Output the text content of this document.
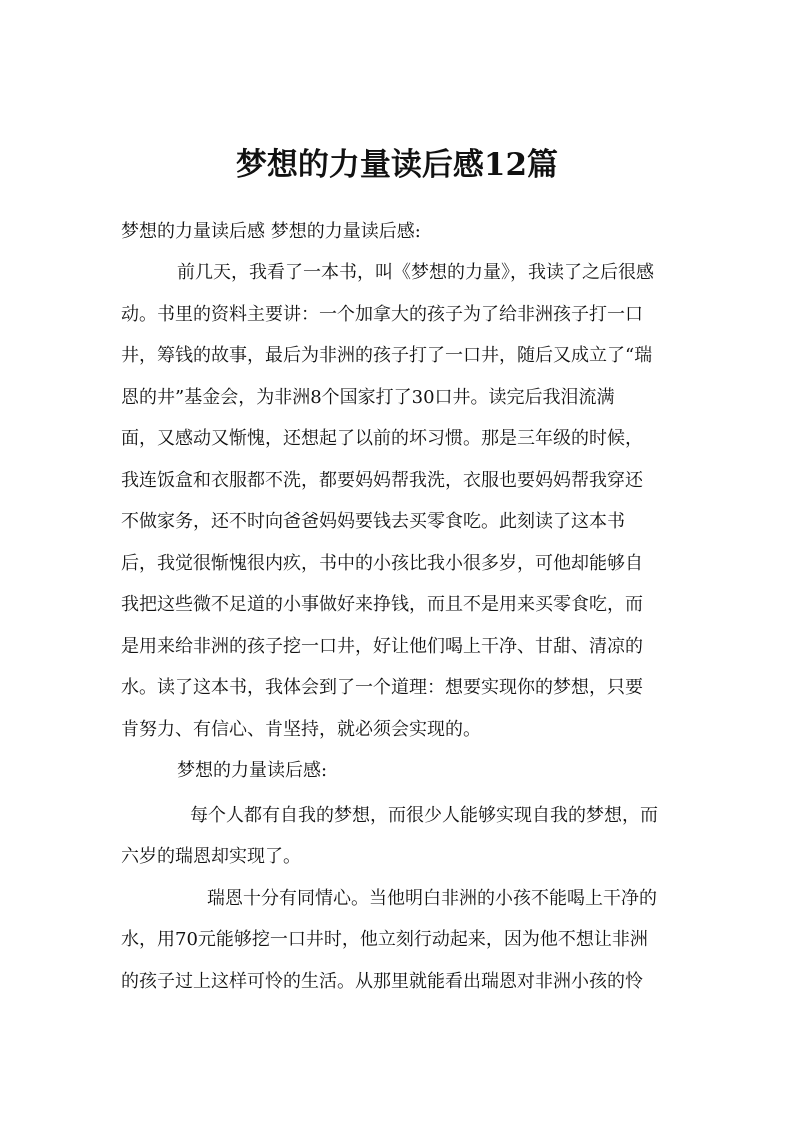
梦想的力量读后感12篇
梦想的力量读后感 梦想的力量读后感:
前几天，我看了一本书，叫《梦想的力量》，我读了之后很感
动。书里的资料主要讲：一个加拿大的孩子为了给非洲孩子打一口
井，筹钱的故事，最后为非洲的孩子打了一口井，随后又成立了“瑞
恩的井”基金会，为非洲8个国家打了30口井。读完后我泪流满
面，又感动又惭愧，还想起了以前的坏习惯。那是三年级的时候，
我连饭盒和衣服都不洗，都要妈妈帮我洗，衣服也要妈妈帮我穿还
不做家务，还不时向爸爸妈妈要钱去买零食吃。此刻读了这本书
后，我觉很惭愧很内疚，书中的小孩比我小很多岁，可他却能够自
我把这些微不足道的小事做好来挣钱，而且不是用来买零食吃，而
是用来给非洲的孩子挖一口井，好让他们喝上干净、甘甜、清凉的
水。读了这本书，我体会到了一个道理：想要实现你的梦想，只要
肯努力、有信心、肯坚持，就必须会实现的。
梦想的力量读后感:
每个人都有自我的梦想，而很少人能够实现自我的梦想，而
六岁的瑞恩却实现了。
瑞恩十分有同情心。当他明白非洲的小孩不能喝上干净的
水，用70元能够挖一口井时，他立刻行动起来，因为他不想让非洲
的孩子过上这样可怜的生活。从那里就能看出瑞恩对非洲小孩的怜
